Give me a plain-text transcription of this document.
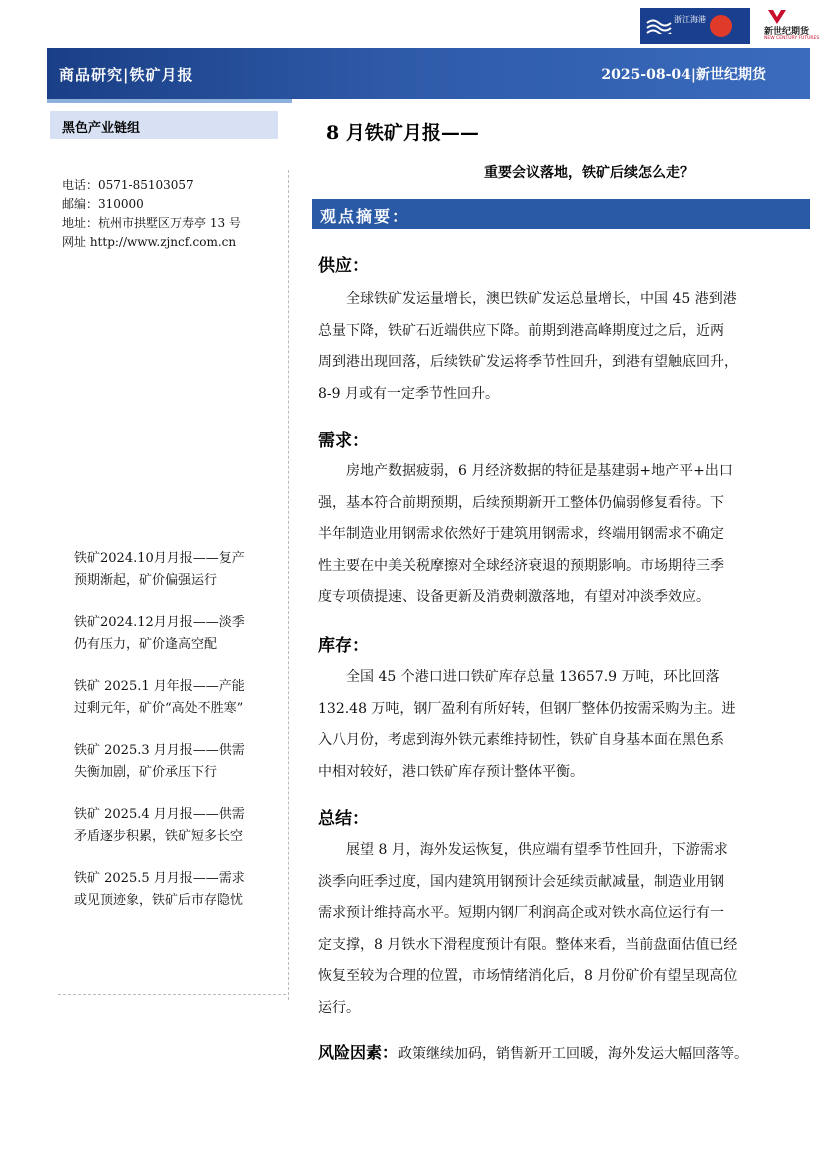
浙江海港
新世纪期货
NEW CENTURY FUTURES
商品研究|铁矿月报	2025-08-04|新世纪期货
黑色产业链组
电话：0571-85103057
邮编：310000
地址：杭州市拱墅区万寿亭 13 号
网址 http://www.zjncf.com.cn
铁矿2024.10月月报——复产
预期渐起，矿价偏强运行
铁矿2024.12月月报——淡季
仍有压力，矿价逢高空配
铁矿 2025.1 月年报——产能
过剩元年，矿价“高处不胜寒”
铁矿 2025.3 月月报——供需
失衡加剧，矿价承压下行
铁矿 2025.4 月月报——供需
矛盾逐步积累，铁矿短多长空
铁矿 2025.5 月月报——需求
或见顶迹象，铁矿后市存隐忧
8 月铁矿月报——
重要会议落地，铁矿后续怎么走？
观点摘要：
供应：
　　全球铁矿发运量增长，澳巴铁矿发运总量增长，中国 45 港到港
总量下降，铁矿石近端供应下降。前期到港高峰期度过之后，近两
周到港出现回落，后续铁矿发运将季节性回升，到港有望触底回升，
8-9 月或有一定季节性回升。
需求：
　　房地产数据疲弱，6 月经济数据的特征是基建弱+地产平+出口
强，基本符合前期预期，后续预期新开工整体仍偏弱修复看待。下
半年制造业用钢需求依然好于建筑用钢需求，终端用钢需求不确定
性主要在中美关税摩擦对全球经济衰退的预期影响。市场期待三季
度专项债提速、设备更新及消费刺激落地，有望对冲淡季效应。
库存：
　　全国 45 个港口进口铁矿库存总量 13657.9 万吨，环比回落
132.48 万吨，钢厂盈利有所好转，但钢厂整体仍按需采购为主。进
入八月份，考虑到海外铁元素维持韧性，铁矿自身基本面在黑色系
中相对较好，港口铁矿库存预计整体平衡。
总结：
　　展望 8 月，海外发运恢复，供应端有望季节性回升，下游需求
淡季向旺季过度，国内建筑用钢预计会延续贡献减量，制造业用钢
需求预计维持高水平。短期内钢厂利润高企或对铁水高位运行有一
定支撑，8 月铁水下滑程度预计有限。整体来看，当前盘面估值已经
恢复至较为合理的位置，市场情绪消化后，8 月份矿价有望呈现高位
运行。
风险因素：政策继续加码，销售新开工回暖，海外发运大幅回落等。
